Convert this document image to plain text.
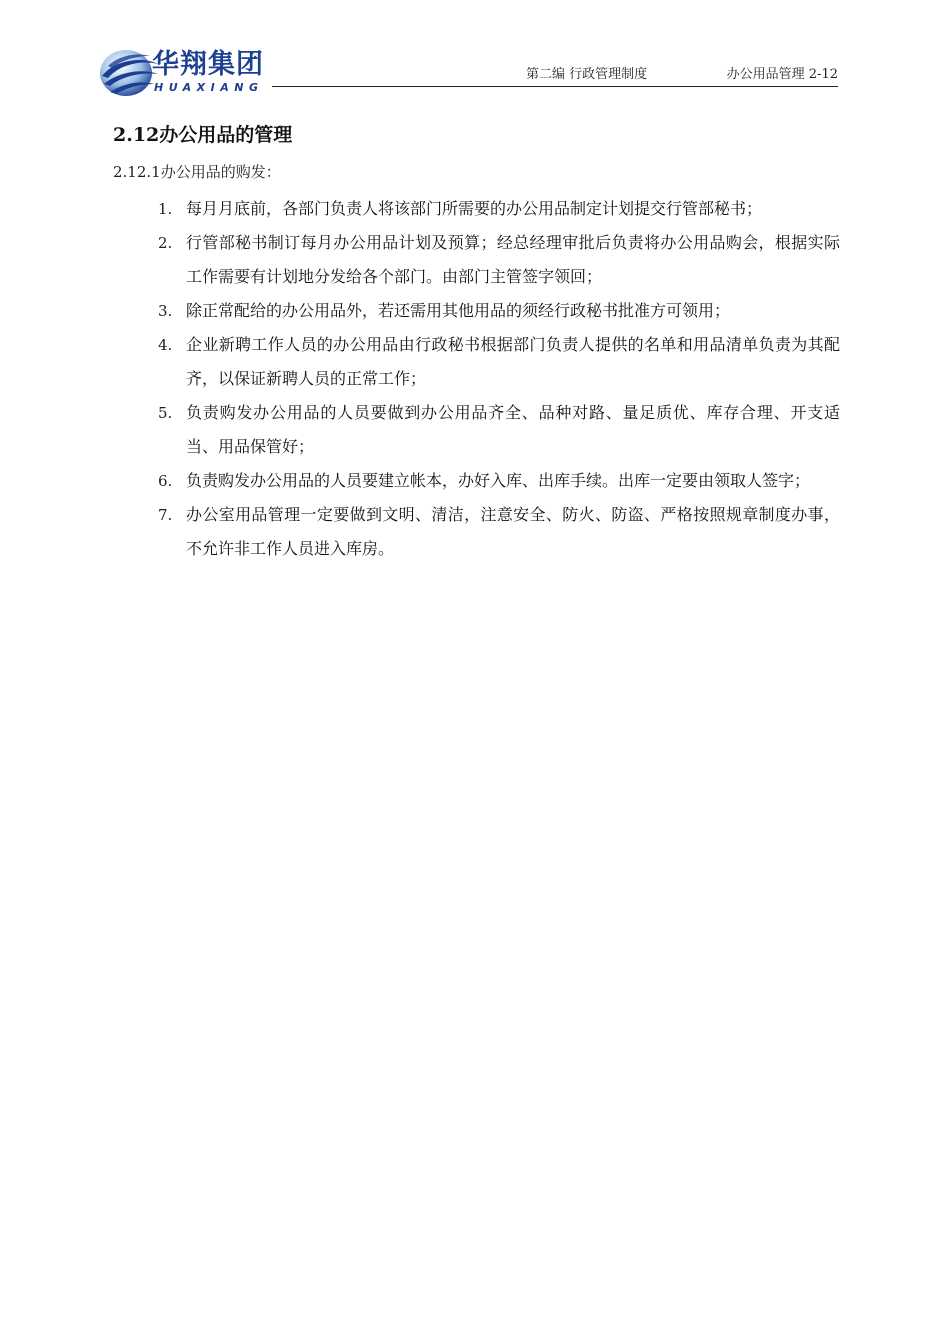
华翔集团
HUAXIANG
第二编 行政管理制度	办公用品管理 2-12
2.12办公用品的管理

2.12.1办公用品的购发：

1. 每月月底前，各部门负责人将该部门所需要的办公用品制定计划提交行管部秘书；
2. 行管部秘书制订每月办公用品计划及预算；经总经理审批后负责将办公用品购会，根据实际工作需要有计划地分发给各个部门。由部门主管签字领回；
3. 除正常配给的办公用品外，若还需用其他用品的须经行政秘书批准方可领用；
4. 企业新聘工作人员的办公用品由行政秘书根据部门负责人提供的名单和用品清单负责为其配齐，以保证新聘人员的正常工作；
5. 负责购发办公用品的人员要做到办公用品齐全、品种对路、量足质优、库存合理、开支适当、用品保管好；
6. 负责购发办公用品的人员要建立帐本，办好入库、出库手续。出库一定要由领取人签字；
7. 办公室用品管理一定要做到文明、清洁，注意安全、防火、防盗、严格按照规章制度办事，不允许非工作人员进入库房。
